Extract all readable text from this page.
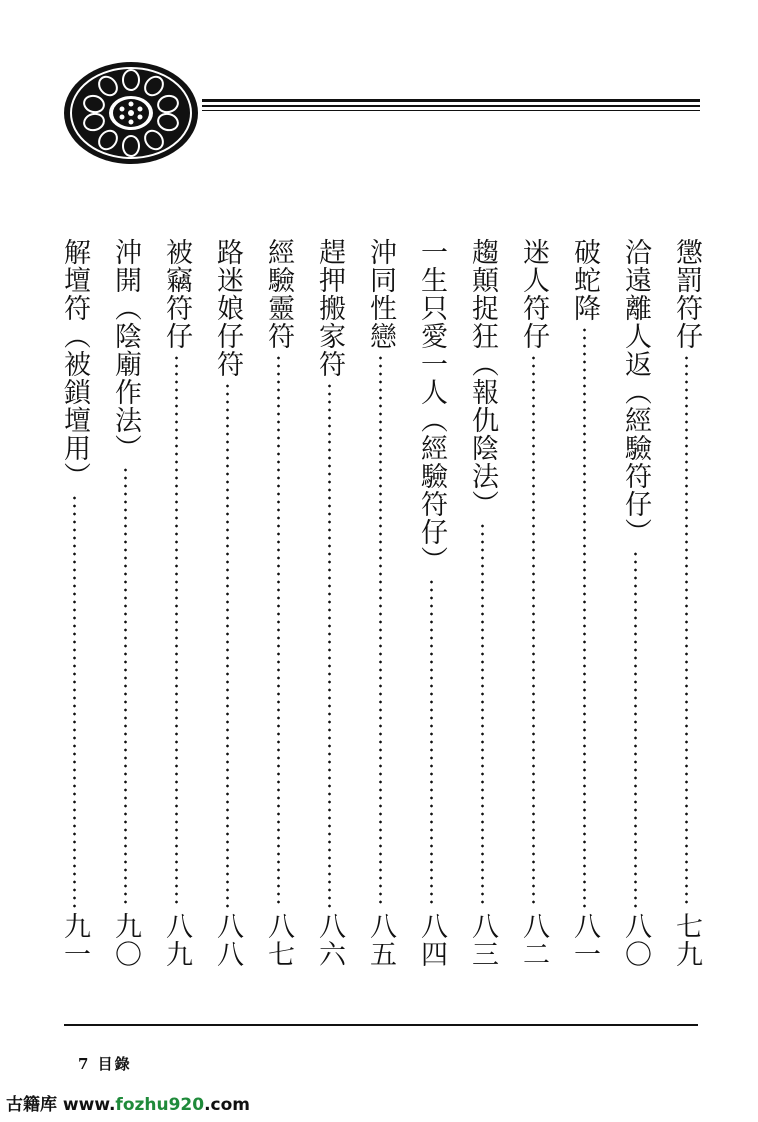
懲罰符仔
七九
洽遠離人返（經驗符仔）
八〇
破蛇降
八一
迷人符仔
八二
趨顛捉狂（報仇陰法）
八三
一生只愛一人（經驗符仔）
八四
沖同性戀
八五
趕押搬家符
八六
經驗靈符
八七
路迷娘仔符
八八
被竊符仔
八九
沖開（陰廟作法）
九〇
解壇符（被鎖壇用）
九一
7 目錄
古籍库 www.fozhu920.com
